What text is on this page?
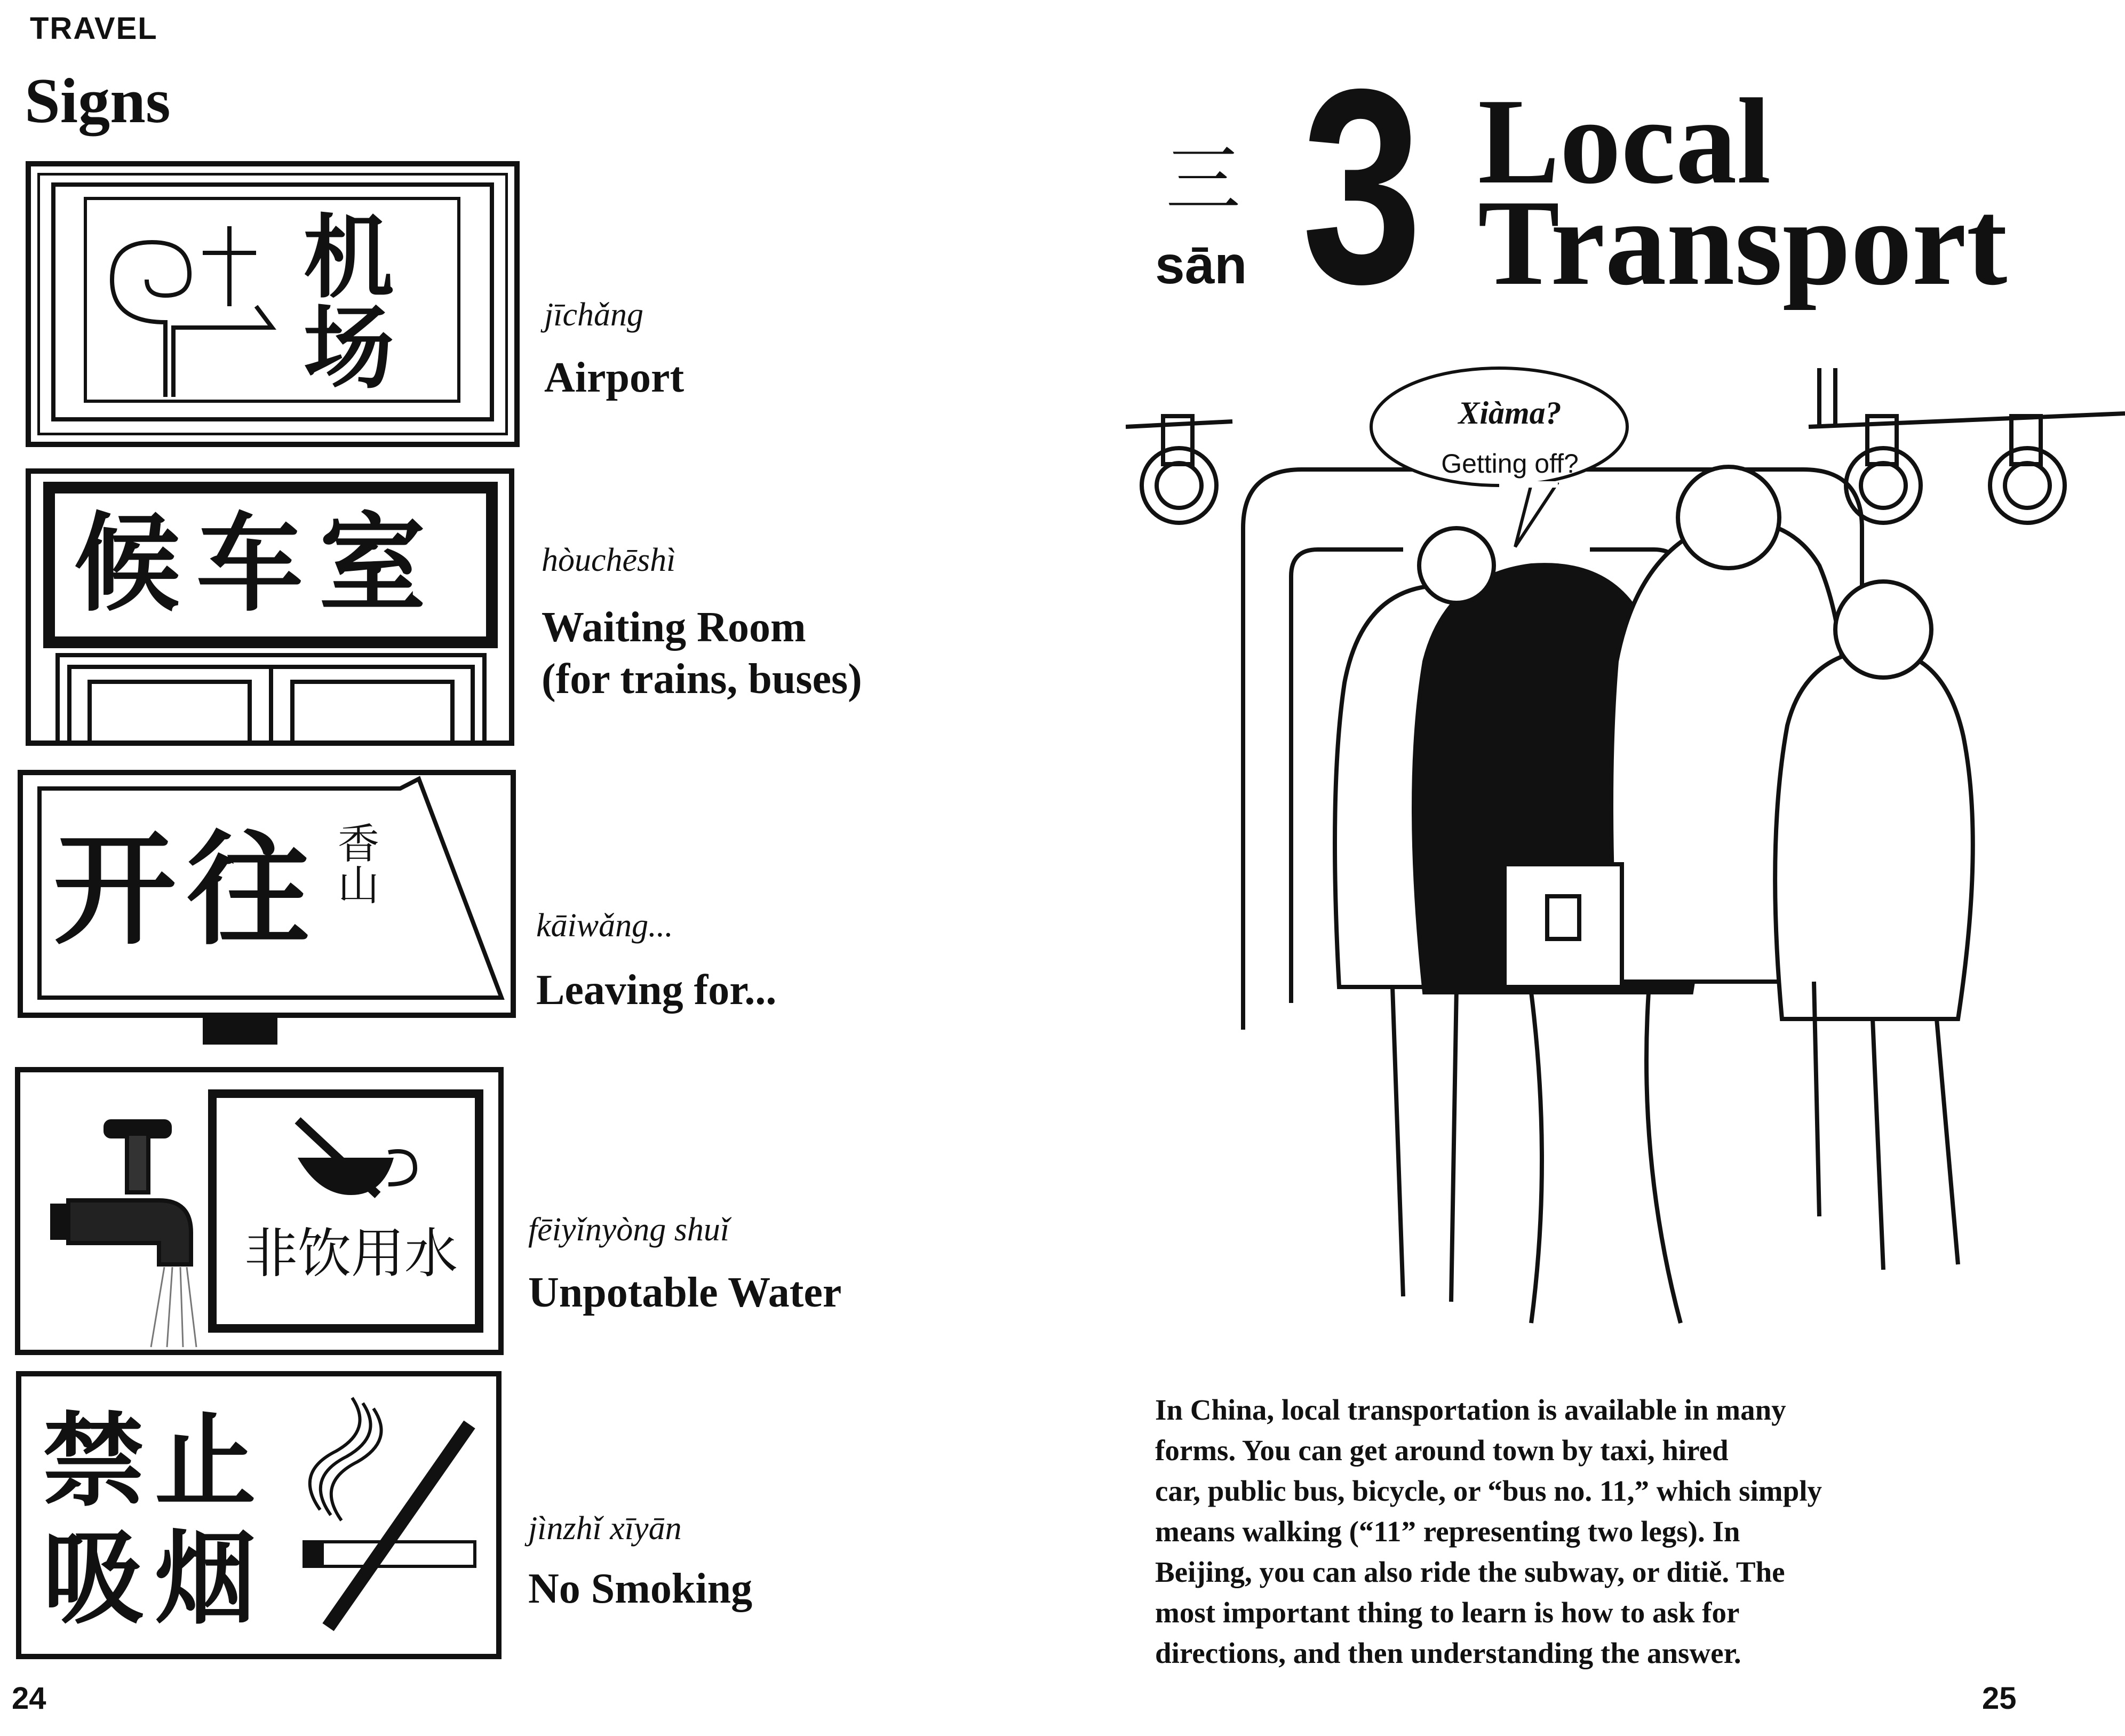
TRAVEL
Signs
机场	jīchǎng
Airport
候车室	hòuchēshì
Waiting Room
(for trains, buses)
开往 香山
kāiwǎng...
Leaving for...
非饮用水 fēiyǐnyòng shuǐ
Unpotable Water
禁止
吸烟	jìnzhǐ xīyān
No Smoking
24
三
sān 3 Local
Transport
Xiàma?
Getting off?
In China, local transportation is available in many
forms. You can get around town by taxi, hired
car, public bus, bicycle, or “bus no. 11,” which simply
means walking (“11” representing two legs). In
Beijing, you can also ride the subway, or ditiě. The
most important thing to learn is how to ask for
directions, and then understanding the answer.
25
